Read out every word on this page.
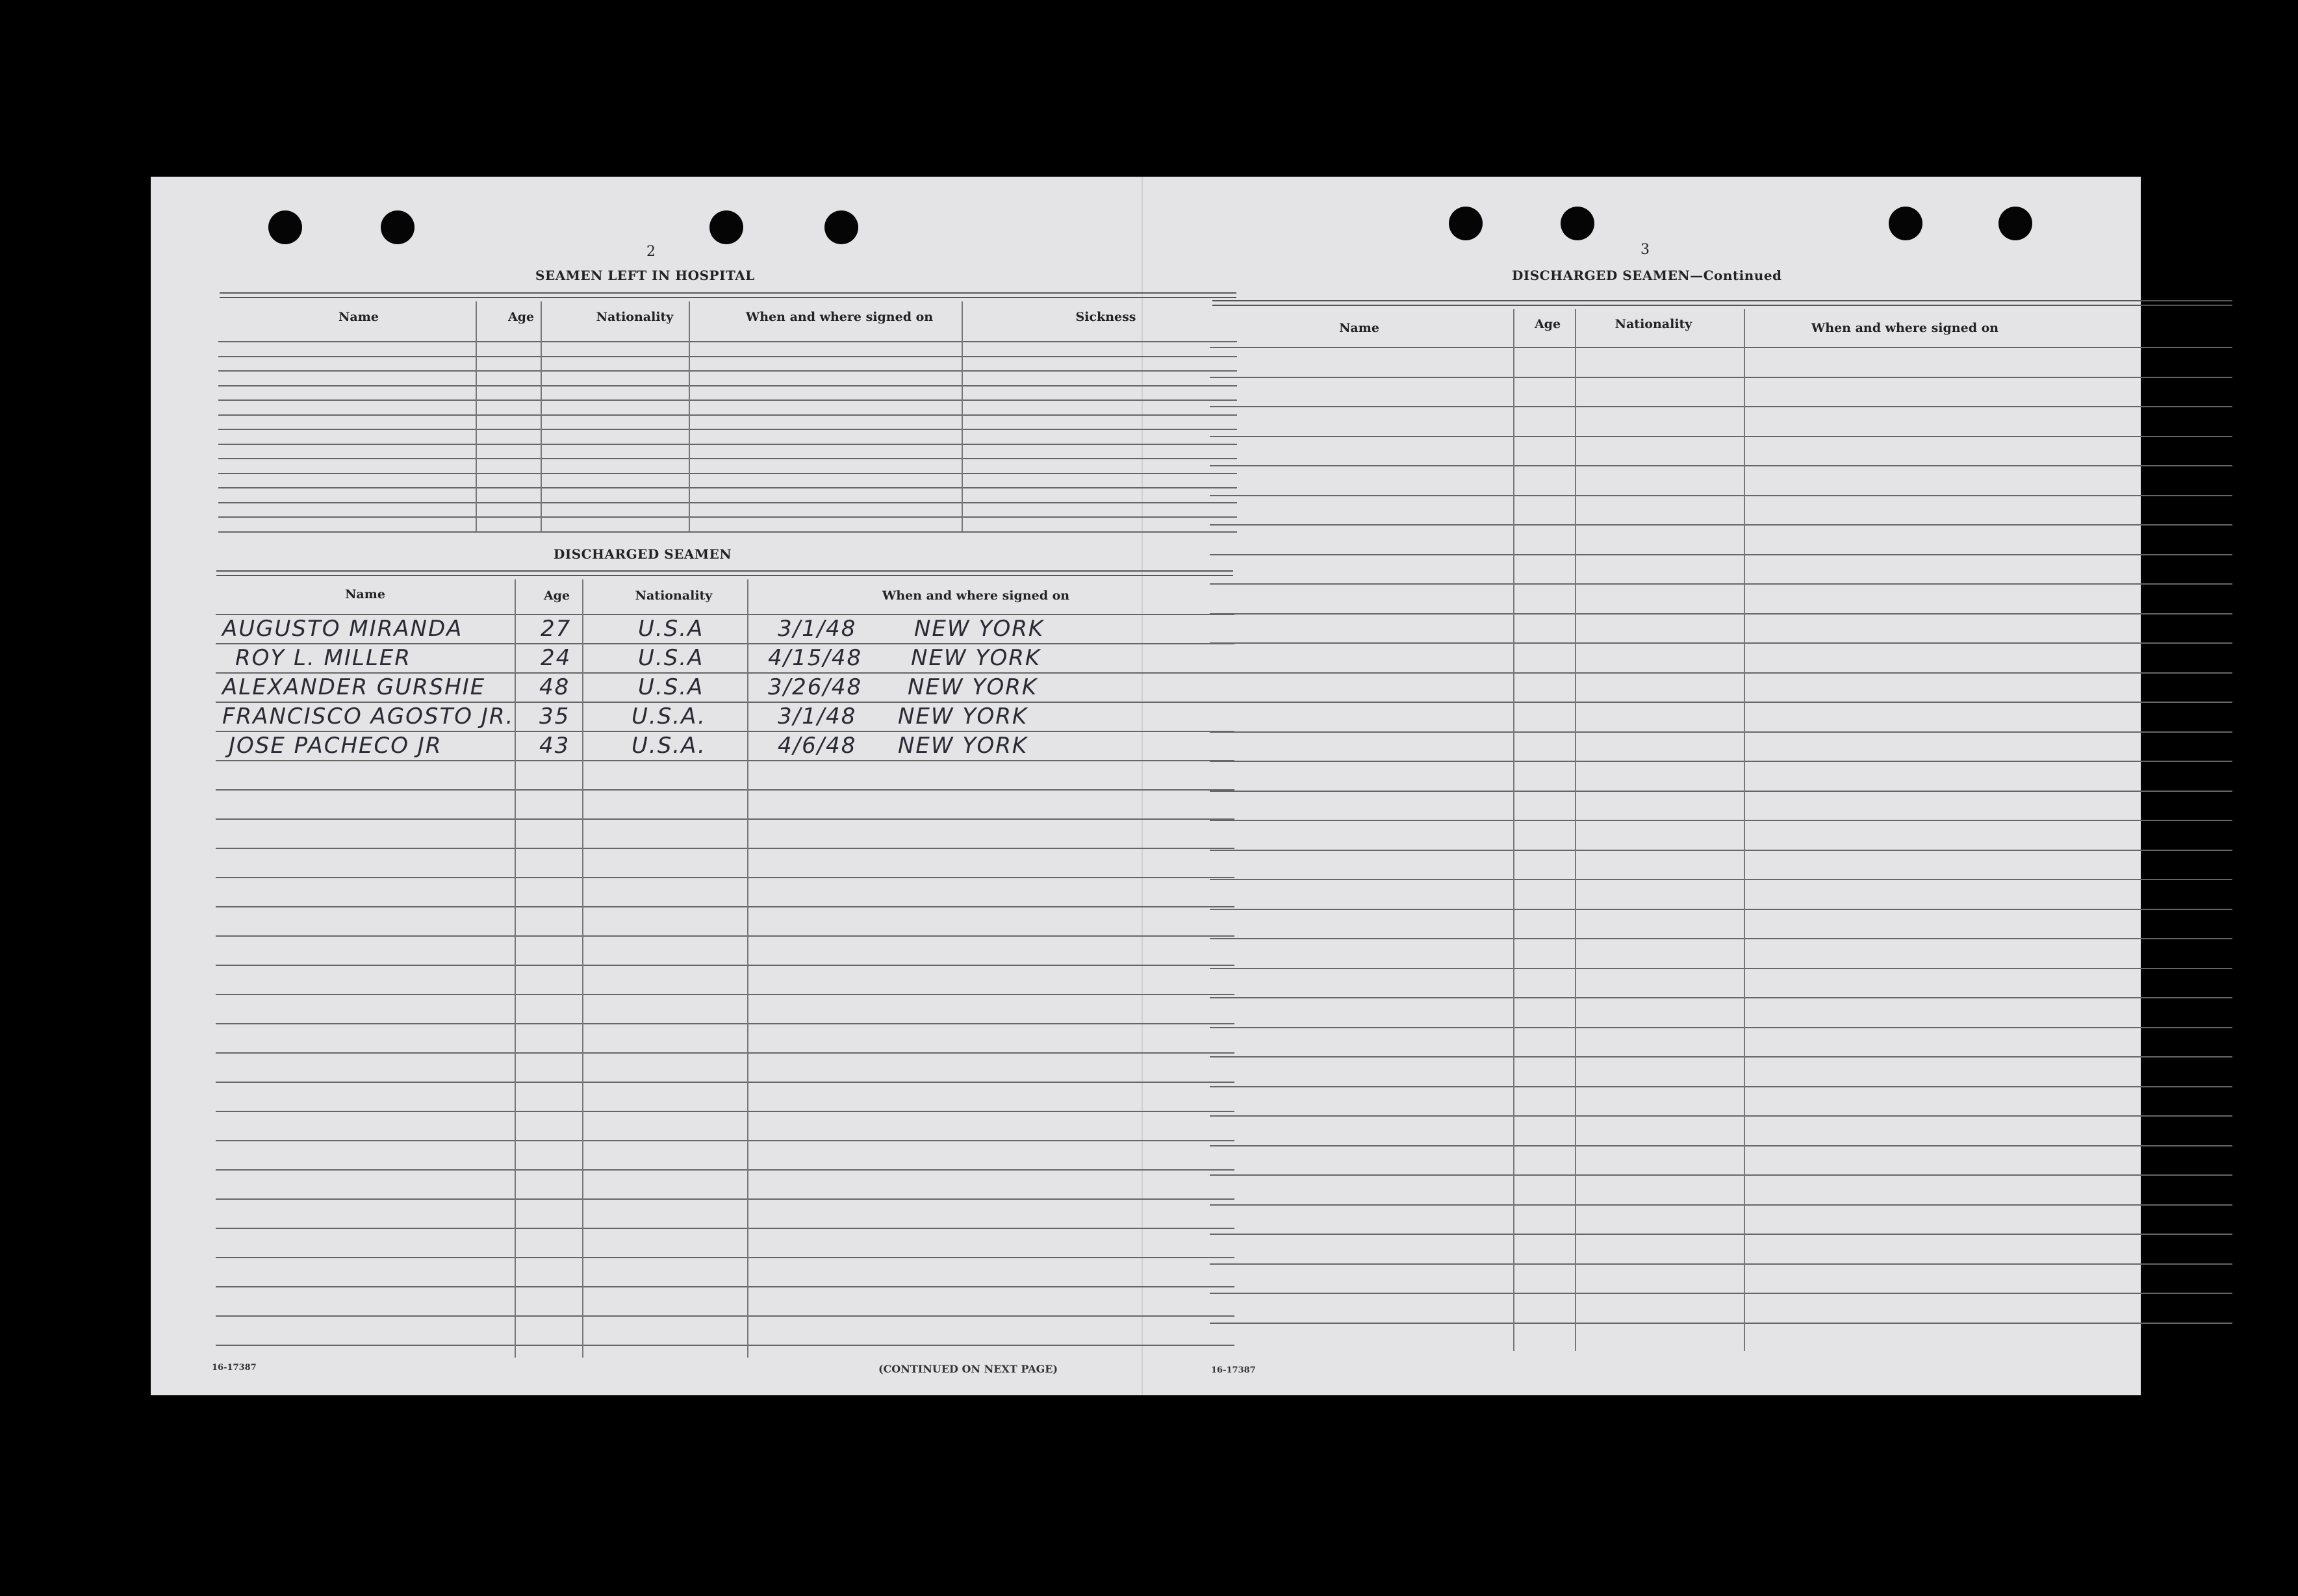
2
SEAMEN LEFT IN HOSPITAL
Name	Age	Nationality	When and where signed on	Sickness
DISCHARGED SEAMEN
Name	Age	Nationality	When and where signed on
AUGUSTO MIRANDA	27	U.S.A	3/1/48	NEW YORK
ROY L. MILLER	24	U.S.A	4/15/48 NEW YORK
ALEXANDER GURSHIE 48	U.S.A	3/26/48 NEW YORK
FRANCISCO AGOSTO JR. 35	U.S.A.	3/1/48 NEW YORK
JOSE PACHECO JR	43	U.S.A.	4/6/48 NEW YORK
16-17387	(CONTINUED ON NEXT PAGE)
3
DISCHARGED SEAMEN—Continued
Name	Age	Nationality	When and where signed on
16-17387
